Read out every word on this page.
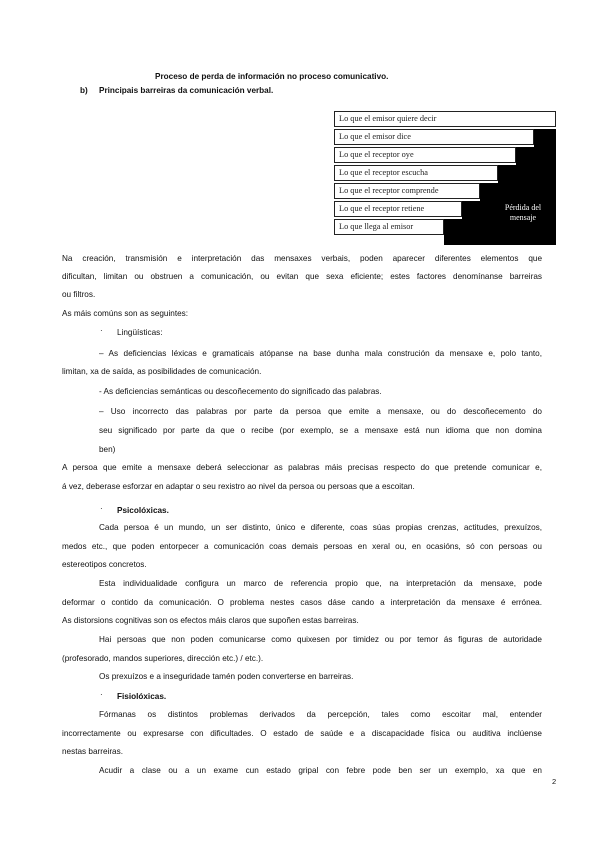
Proceso de perda de información no proceso comunicativo.
b) Principais barreiras da comunicación verbal.
Lo que el emisor quiere decir
Lo que el emisor dice
Lo que el receptor oye
Lo que el receptor escucha
Lo que el receptor comprende
Lo que el receptor retiene
Lo que llega al emisor
Pérdida del mensaje
Na creación, transmisión e interpretación das mensaxes verbais, poden aparecer diferentes elementos que
dificultan, limitan ou obstruen a comunicación, ou evitan que sexa eficiente; estes factores denomínanse barreiras
ou filtros.
As máis comúns son as seguintes:
· Lingüísticas:
– As deficiencias léxicas e gramaticais atópanse na base dunha mala construción da mensaxe e, polo tanto,
limitan, xa de saída, as posibilidades de comunicación.
- As deficiencias semánticas ou descoñecemento do significado das palabras.
– Uso incorrecto das palabras por parte da persoa que emite a mensaxe, ou do descoñecemento do
seu significado por parte da que o recibe (por exemplo, se a mensaxe está nun idioma que non domina
ben)
A persoa que emite a mensaxe deberá seleccionar as palabras máis precisas respecto do que pretende comunicar e,
á vez, deberase esforzar en adaptar o seu rexistro ao nivel da persoa ou persoas que a escoitan.
· Psicolóxicas.
Cada persoa é un mundo, un ser distinto, único e diferente, coas súas propias crenzas, actitudes, prexuízos,
medos etc., que poden entorpecer a comunicación coas demais persoas en xeral ou, en ocasións, só con persoas ou
estereotipos concretos.
Esta individualidade configura un marco de referencia propio que, na interpretación da mensaxe, pode
deformar o contido da comunicación. O problema nestes casos dáse cando a interpretación da mensaxe é errónea.
As distorsions cognitivas son os efectos máis claros que supoñen estas barreiras.
Hai persoas que non poden comunicarse como quixesen por timidez ou por temor ás figuras de autoridade
(profesorado, mandos superiores, dirección etc.) / etc.).
Os prexuízos e a inseguridade tamén poden converterse en barreiras.
· Fisiolóxicas.
Fórmanas os distintos problemas derivados da percepción, tales como escoitar mal, entender
incorrectamente ou expresarse con dificultades. O estado de saúde e a discapacidade física ou auditiva inclúense
nestas barreiras.
Acudir a clase ou a un exame cun estado gripal con febre pode ben ser un exemplo, xa que en
2
